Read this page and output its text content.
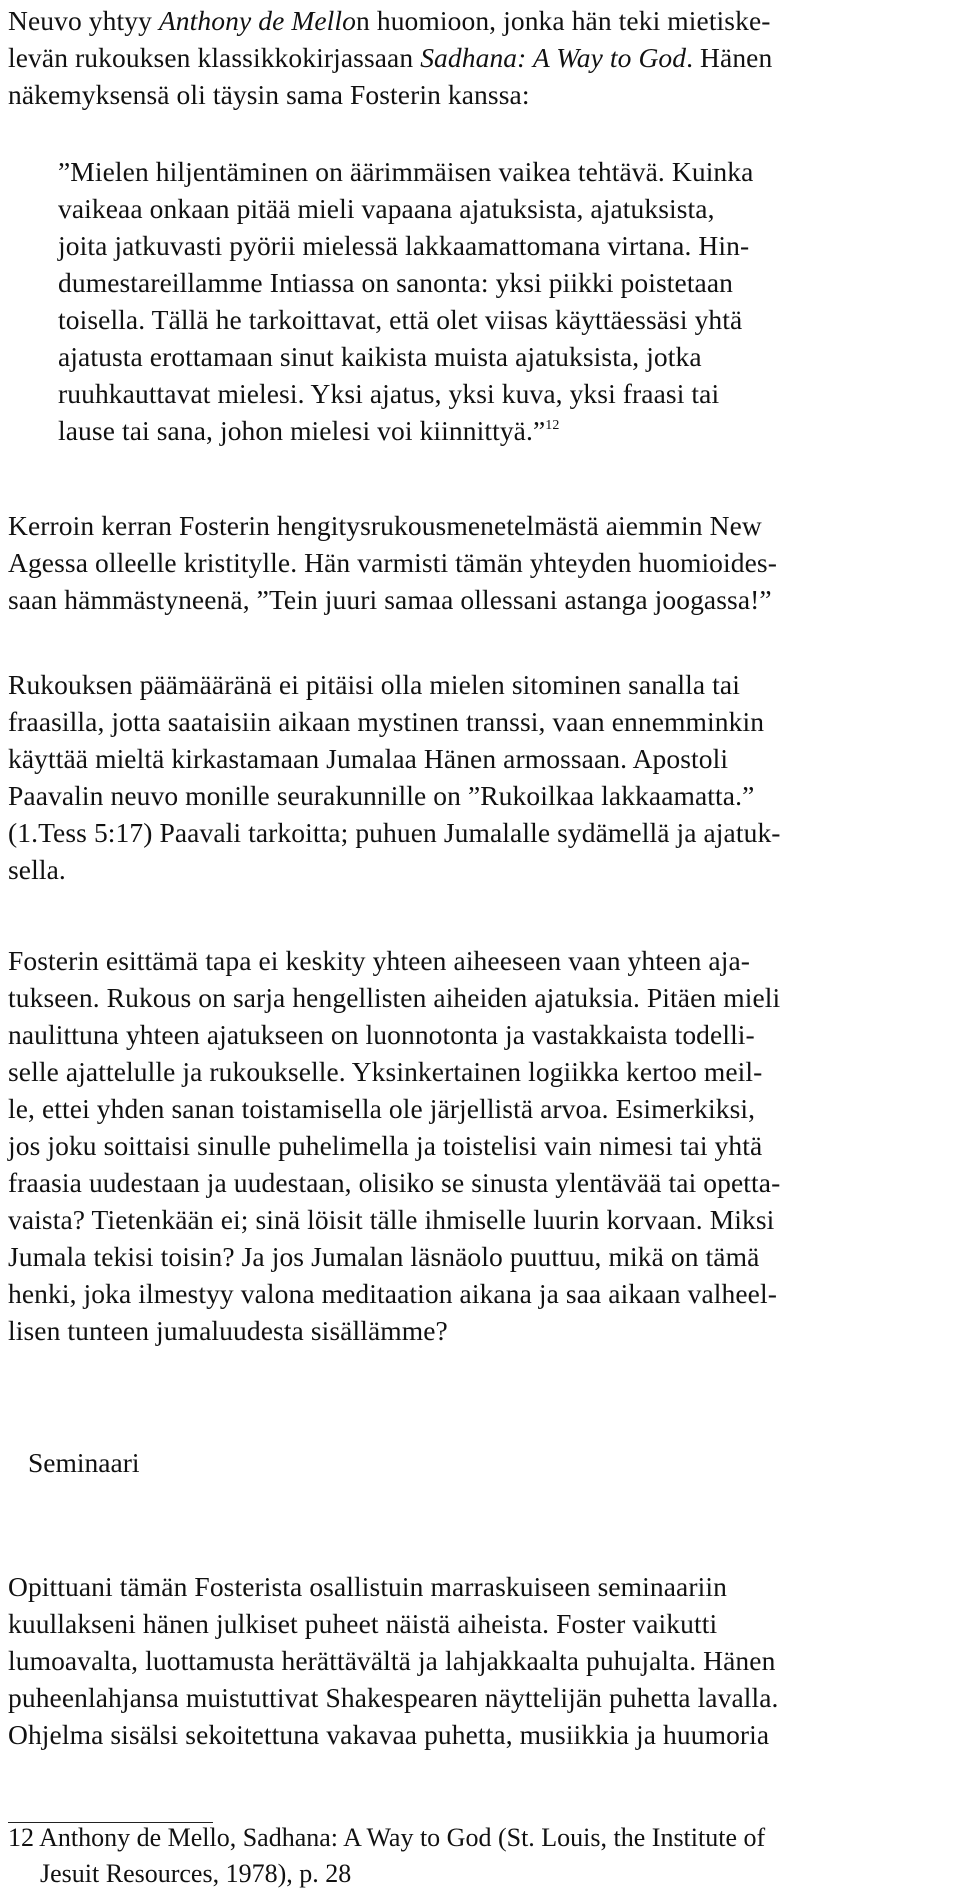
Neuvo yhtyy Anthony de Mellon huomioon, jonka hän teki mietiske-
levän rukouksen klassikkokirjassaan Sadhana: A Way to God. Hänen
näkemyksensä oli täysin sama Fosterin kanssa:

”Mielen hiljentäminen on äärimmäisen vaikea tehtävä. Kuinka
vaikeaa onkaan pitää mieli vapaana ajatuksista, ajatuksista,
joita jatkuvasti pyörii mielessä lakkaamattomana virtana. Hin-
dumestareillamme Intiassa on sanonta: yksi piikki poistetaan
toisella. Tällä he tarkoittavat, että olet viisas käyttäessäsi yhtä
ajatusta erottamaan sinut kaikista muista ajatuksista, jotka
ruuhkauttavat mielesi. Yksi ajatus, yksi kuva, yksi fraasi tai
lause tai sana, johon mielesi voi kiinnittyä.”$^{12}$

Kerroin kerran Fosterin hengitysrukousmenetelmästä aiemmin New
Agessa olleelle kristitylle. Hän varmisti tämän yhteyden huomioides-
saan hämmästyneenä, ”Tein juuri samaa ollessani astanga joogassa!”

Rukouksen päämääränä ei pitäisi olla mielen sitominen sanalla tai
fraasilla, jotta saataisiin aikaan mystinen transsi, vaan ennemminkin
käyttää mieltä kirkastamaan Jumalaa Hänen armossaan. Apostoli
Paavalin neuvo monille seurakunnille on ”Rukoilkaa lakkaamatta.”
(1.Tess 5:17) Paavali tarkoitta; puhuen Jumalalle sydämellä ja ajatuk-
sella.

Fosterin esittämä tapa ei keskity yhteen aiheeseen vaan yhteen aja-
tukseen. Rukous on sarja hengellisten aiheiden ajatuksia. Pitäen mieli
naulittuna yhteen ajatukseen on luonnotonta ja vastakkaista todelli-
selle ajattelulle ja rukoukselle. Yksinkertainen logiikka kertoo meil-
le, ettei yhden sanan toistamisella ole järjellistä arvoa. Esimerkiksi,
jos joku soittaisi sinulle puhelimella ja toistelisi vain nimesi tai yhtä
fraasia uudestaan ja uudestaan, olisiko se sinusta ylentävää tai opetta-
vaista? Tietenkään ei; sinä löisit tälle ihmiselle luurin korvaan. Miksi
Jumala tekisi toisin? Ja jos Jumalan läsnäolo puuttuu, mikä on tämä
henki, joka ilmestyy valona meditaation aikana ja saa aikaan valheel-
lisen tunteen jumaluudesta sisällämme?

Seminaari

Opittuani tämän Fosterista osallistuin marraskuiseen seminaariin
kuullakseni hänen julkiset puheet näistä aiheista. Foster vaikutti
lumoavalta, luottamusta herättävältä ja lahjakkaalta puhujalta. Hänen
puheenlahjansa muistuttivat Shakespearen näyttelijän puhetta lavalla.
Ohjelma sisälsi sekoitettuna vakavaa puhetta, musiikkia ja huumoria

12 Anthony de Mello, Sadhana: A Way to God (St. Louis, the Institute of
Jesuit Resources, 1978), p. 28
